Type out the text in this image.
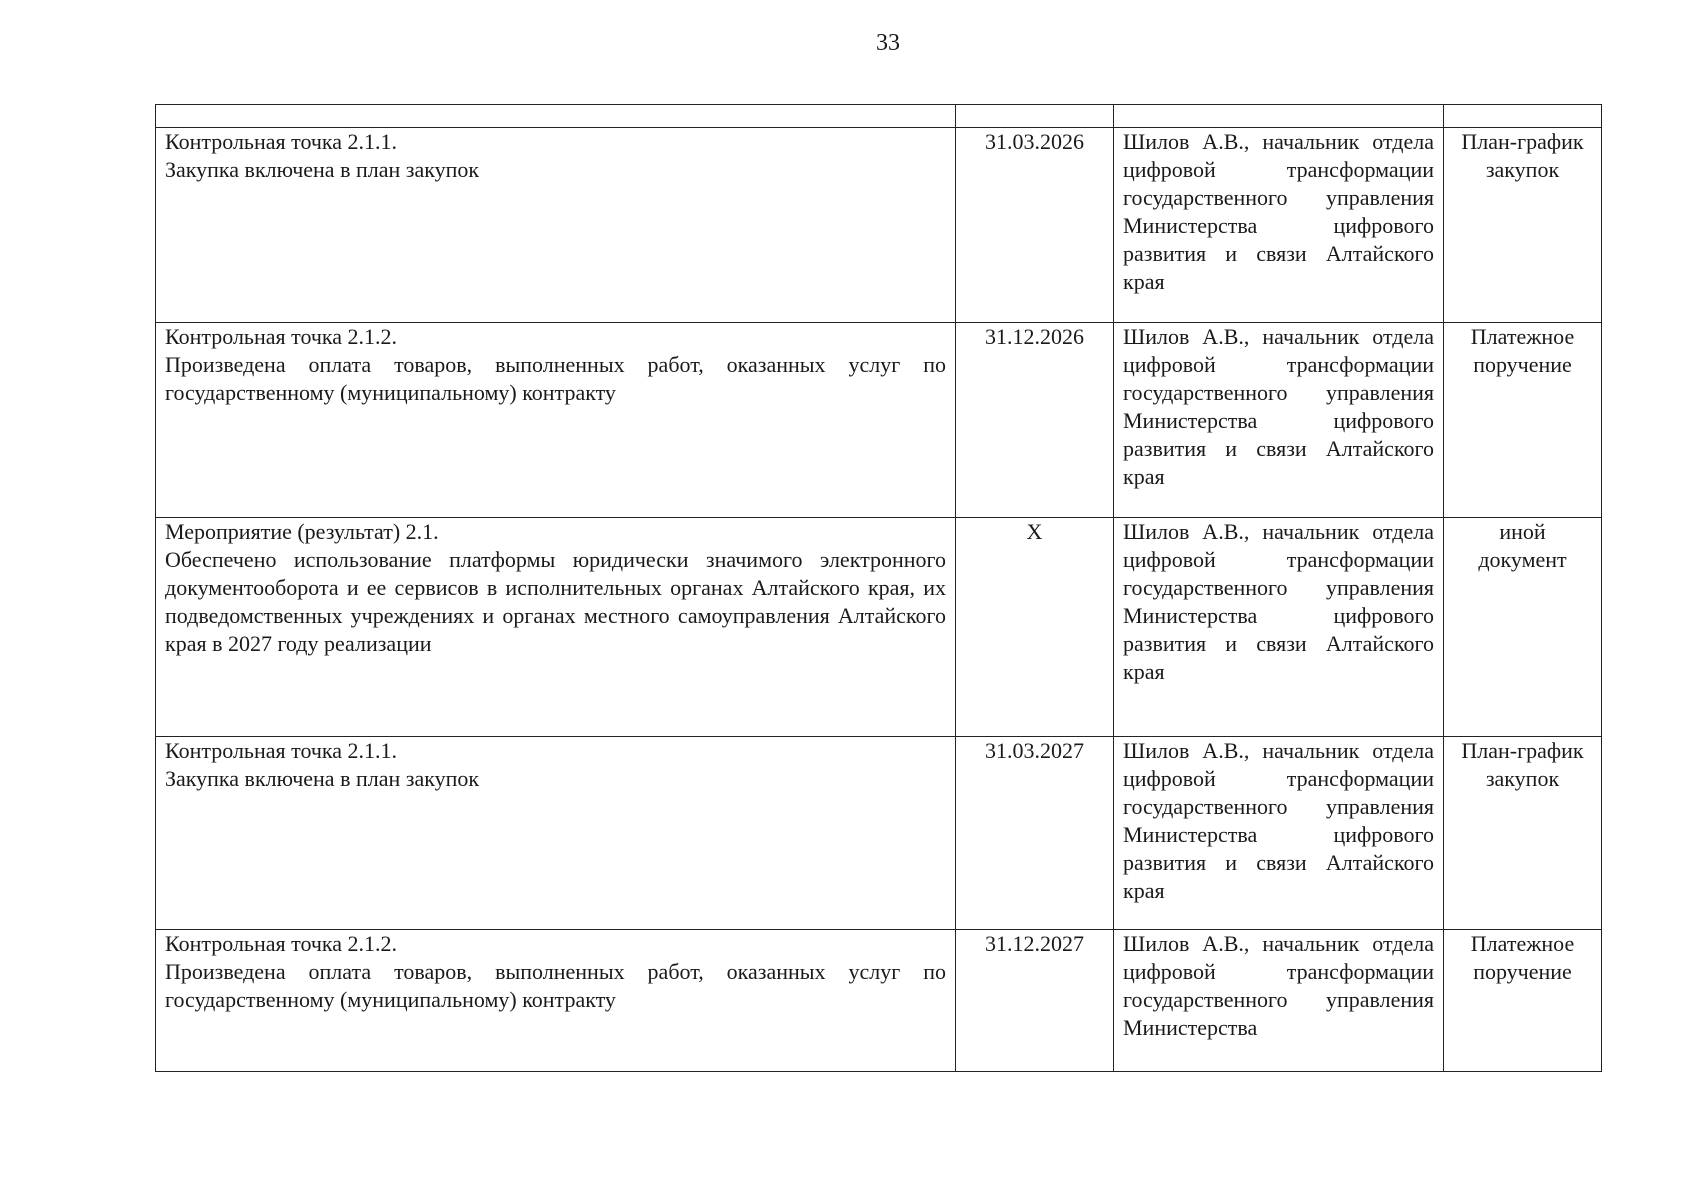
33

Контрольная точка 2.1.1.
Закупка включена в план закупок	31.03.2026	Шилов А.В., начальник отдела цифровой трансформации государственного управления Министерства цифрового развития и связи Алтайского края	План-график закупок

Контрольная точка 2.1.2.
Произведена оплата товаров, выполненных работ, оказанных услуг по государственному (муниципальному) контракту	31.12.2026	Шилов А.В., начальник отдела цифровой трансформации государственного управления Министерства цифрового развития и связи Алтайского края	Платежное поручение

Мероприятие (результат) 2.1.
Обеспечено использование платформы юридически значимого электронного документооборота и ее сервисов в исполнительных органах Алтайского края, их подведомственных учреждениях и органах местного самоуправления Алтайского края в 2027 году реализации	X	Шилов А.В., начальник отдела цифровой трансформации государственного управления Министерства цифрового развития и связи Алтайского края	иной документ

Контрольная точка 2.1.1.
Закупка включена в план закупок	31.03.2027	Шилов А.В., начальник отдела цифровой трансформации государственного управления Министерства цифрового развития и связи Алтайского края	План-график закупок

Контрольная точка 2.1.2.
Произведена оплата товаров, выполненных работ, оказанных услуг по государственному (муниципальному) контракту	31.12.2027	Шилов А.В., начальник отдела цифровой трансформации государственного управления Министерства	Платежное поручение
